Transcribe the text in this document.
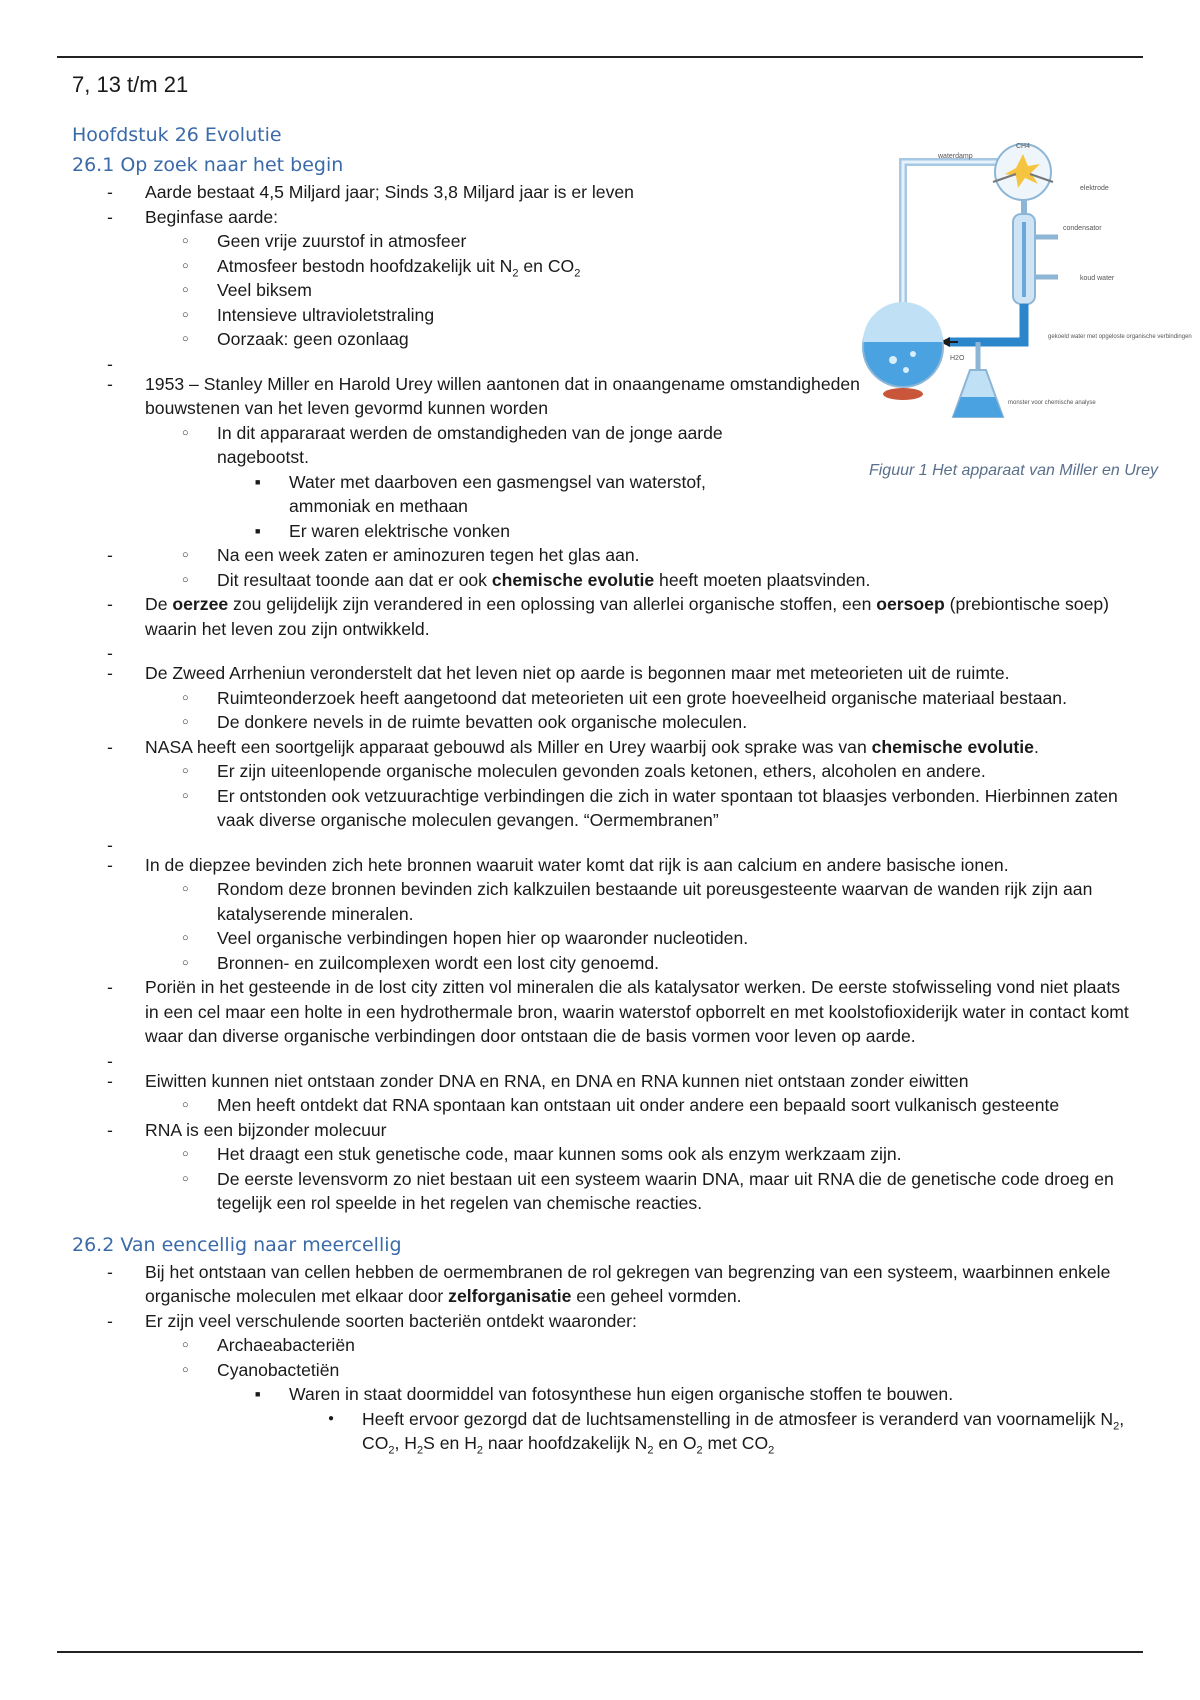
7, 13 t/m 21
waterdamp
CH4
elektrode
condensator
koud water
gekoeld water met opgeloste organische verbindingen
H2O
monster voor chemische analyse
Figuur 1 Het apparaat van Miller en Urey
Hoofdstuk 26 Evolutie
26.1 Op zoek naar het begin
- Aarde bestaat 4,5 Miljard jaar; Sinds 3,8 Miljard jaar is er leven
- Beginfase aarde:
○ Geen vrije zuurstof in atmosfeer
○ Atmosfeer bestodn hoofdzakelijk uit $N_2$ en $CO_2$
○ Veel biksem
○ Intensieve ultravioletstraling
○ Oorzaak: geen ozonlaag
-
- 1953 – Stanley Miller en Harold Urey willen aantonen dat in onaangename omstandigheden bouwstenen van het leven gevormd kunnen worden
○ In dit appararaat werden de omstandigheden van de jonge aarde nagebootst.
■ Water met daarboven een gasmengsel van waterstof, ammoniak en methaan
■ Er waren elektrische vonken
○ - Na een week zaten er aminozuren tegen het glas aan.
○ Dit resultaat toonde aan dat er ook chemische evolutie heeft moeten plaatsvinden.
- De oerzee zou gelijdelijk zijn verandered in een oplossing van allerlei organische stoffen, een oersoep (prebiontische soep) waarin het leven zou zijn ontwikkeld.
-
- De Zweed Arrheniun veronderstelt dat het leven niet op aarde is begonnen maar met meteorieten uit de ruimte.
○ Ruimteonderzoek heeft aangetoond dat meteorieten uit een grote hoeveelheid organische materiaal bestaan.
○ De donkere nevels in de ruimte bevatten ook organische moleculen.
- NASA heeft een soortgelijk apparaat gebouwd als Miller en Urey waarbij ook sprake was van chemische evolutie.
○ Er zijn uiteenlopende organische moleculen gevonden zoals ketonen, ethers, alcoholen en andere.
○ Er ontstonden ook vetzuurachtige verbindingen die zich in water spontaan tot blaasjes verbonden. Hierbinnen zaten vaak diverse organische moleculen gevangen. “Oermembranen”
-
- In de diepzee bevinden zich hete bronnen waaruit water komt dat rijk is aan calcium en andere basische ionen.
○ Rondom deze bronnen bevinden zich kalkzuilen bestaande uit poreusgesteente waarvan de wanden rijk zijn aan katalyserende mineralen.
○ Veel organische verbindingen hopen hier op waaronder nucleotiden.
○ Bronnen- en zuilcomplexen wordt een lost city genoemd.
- Poriën in het gesteende in de lost city zitten vol mineralen die als katalysator werken. De eerste stofwisseling vond niet plaats in een cel maar een holte in een hydrothermale bron, waarin waterstof opborrelt en met koolstofioxiderijk water in contact komt waar dan diverse organische verbindingen door ontstaan die de basis vormen voor leven op aarde.
-
- Eiwitten kunnen niet ontstaan zonder DNA en RNA, en DNA en RNA kunnen niet ontstaan zonder eiwitten
○ Men heeft ontdekt dat RNA spontaan kan ontstaan uit onder andere een bepaald soort vulkanisch gesteente
- RNA is een bijzonder molecuur
○ Het draagt een stuk genetische code, maar kunnen soms ook als enzym werkzaam zijn.
○ De eerste levensvorm zo niet bestaan uit een systeem waarin DNA, maar uit RNA die de genetische code droeg en tegelijk een rol speelde in het regelen van chemische reacties.
26.2 Van eencellig naar meercellig
- Bij het ontstaan van cellen hebben de oermembranen de rol gekregen van begrenzing van een systeem, waarbinnen enkele organische moleculen met elkaar door zelforganisatie een geheel vormden.
- Er zijn veel verschulende soorten bacteriën ontdekt waaronder:
○ Archaeabacteriën
○ Cyanobactetiën
■ Waren in staat doormiddel van fotosynthese hun eigen organische stoffen te bouwen.
● Heeft ervoor gezorgd dat de luchtsamenstelling in de atmosfeer is veranderd van voornamelijk $N_2$, $CO_2$, $H_2S$ en $H_2$ naar hoofdzakelijk $N_2$ en $O_2$ met $CO_2$
